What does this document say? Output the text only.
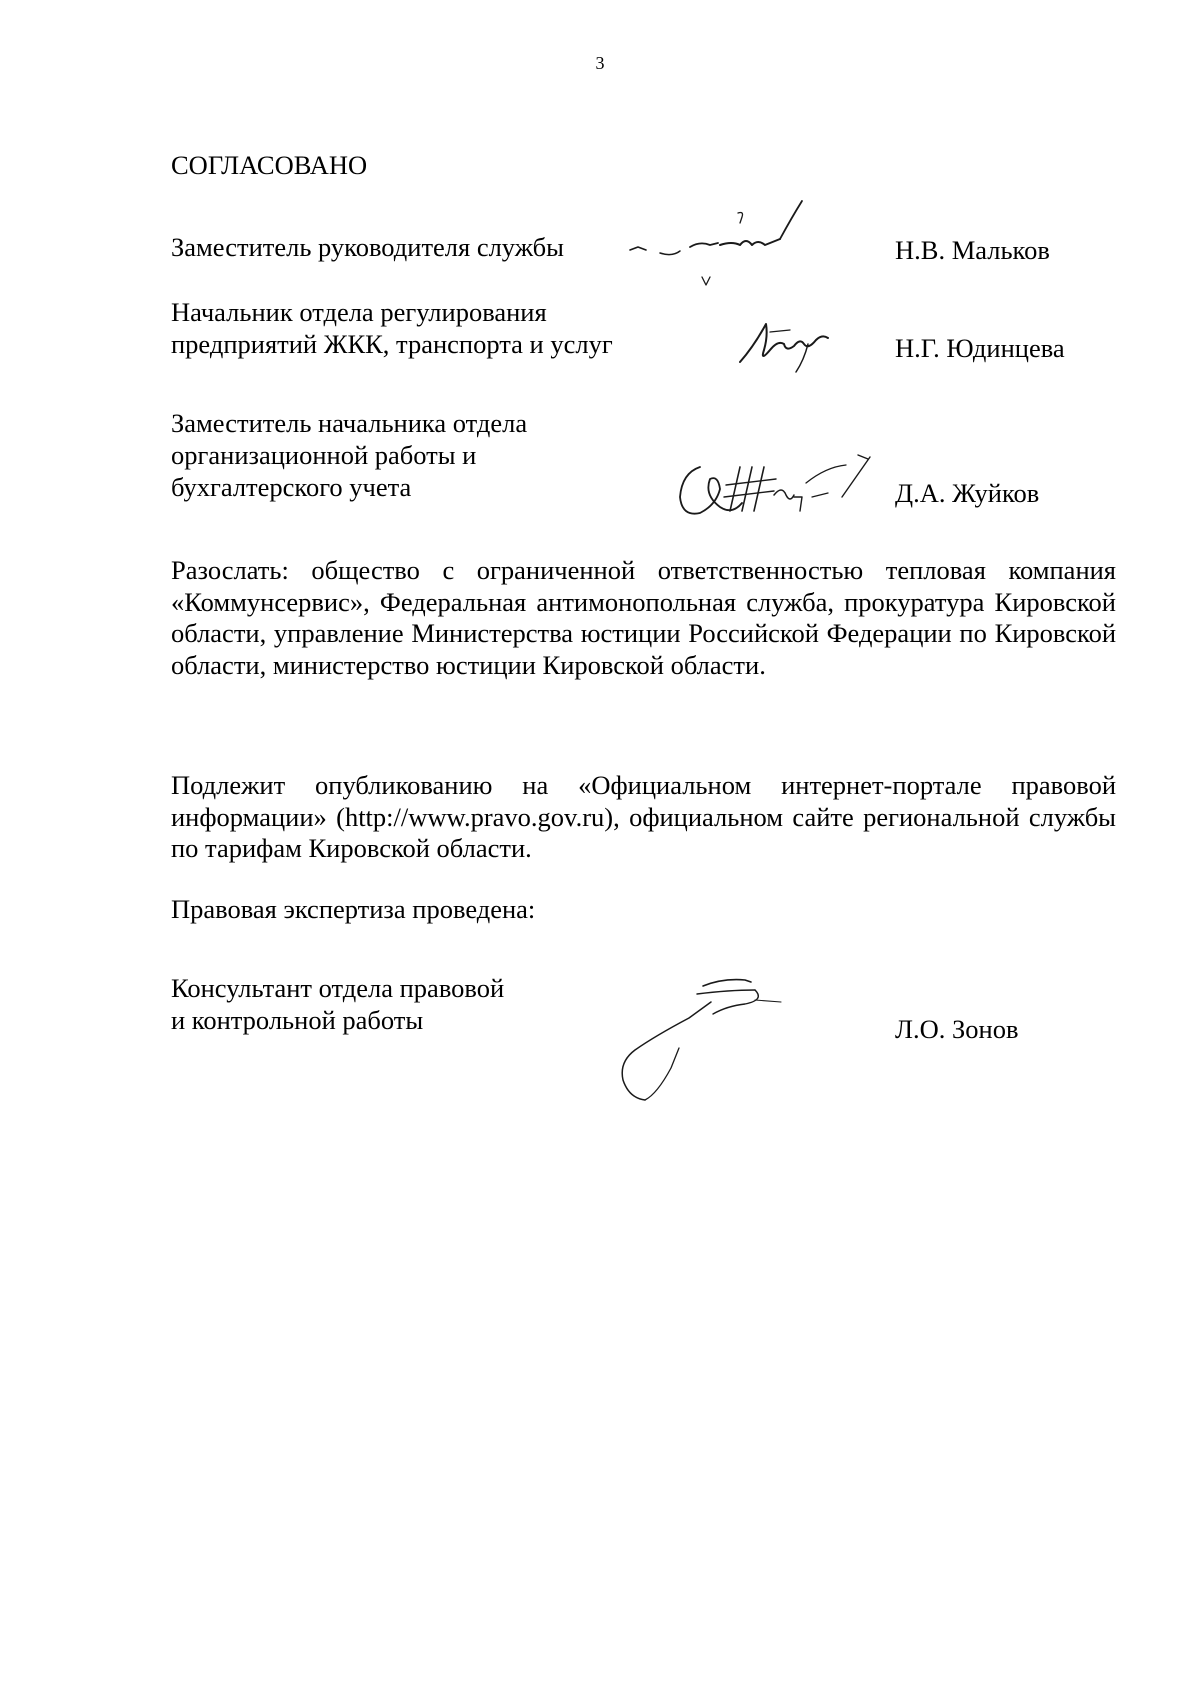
3
СОГЛАСОВАНО
Заместитель руководителя службы	Н.В. Мальков
Начальник отдела регулирования
предприятий ЖКК, транспорта и услуг	Н.Г. Юдинцева
Заместитель начальника отдела
организационной работы и
бухгалтерского учета	Д.А. Жуйков
Разослать: общество с ограниченной ответственностью тепловая компания «Коммунсервис», Федеральная антимонопольная служба, прокуратура Кировской области, управление Министерства юстиции Российской Федерации по Кировской области, министерство юстиции Кировской области.
Подлежит опубликованию на «Официальном интернет-портале правовой информации» (http://www.pravo.gov.ru), официальном сайте региональной службы по тарифам Кировской области.
Правовая экспертиза проведена:
Консультант отдела правовой
и контрольной работы	Л.О. Зонов
